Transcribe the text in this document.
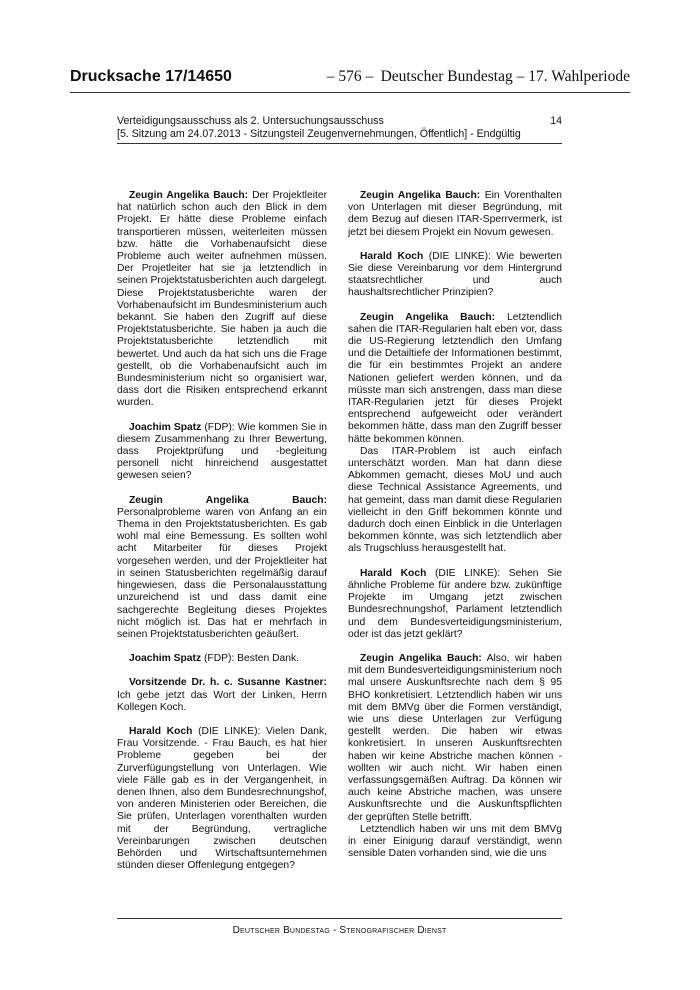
Drucksache 17/14650	– 576 – Deutscher Bundestag – 17. Wahlperiode
Verteidigungsausschuss als 2. Untersuchungsausschuss
[5. Sitzung am 24.07.2013 - Sitzungsteil Zeugenvernehmungen, Öffentlich] - Endgültig
14

Zeugin Angelika Bauch: Der Projektleiter hat natürlich schon auch den Blick in dem Projekt. Er hätte diese Probleme einfach transportieren müssen, weiterleiten müssen bzw. hätte die Vorhabenaufsicht diese Probleme auch weiter aufnehmen müssen. Der Projetleiter hat sie ja letztendlich in seinen Projektstatusberichten auch dargelegt. Diese Projektstatusberichte waren der Vorhabenaufsicht im Bundesministerium auch bekannt. Sie haben den Zugriff auf diese Projektstatusberichte. Sie haben ja auch die Projektstatusberichte letztendlich mit bewertet. Und auch da hat sich uns die Frage gestellt, ob die Vorhabenaufsicht auch im Bundesministerium nicht so organisiert war, dass dort die Risiken entsprechend erkannt wurden.

Joachim Spatz (FDP): Wie kommen Sie in diesem Zusammenhang zu Ihrer Bewertung, dass Projektprüfung und -begleitung personell nicht hinreichend ausgestattet gewesen seien?

Zeugin Angelika Bauch: Personalprobleme waren von Anfang an ein Thema in den Projektstatusberichten. Es gab wohl mal eine Bemessung. Es sollten wohl acht Mitarbeiter für dieses Projekt vorgesehen werden, und der Projektleiter hat in seinen Statusberichten regelmäßig darauf hingewiesen, dass die Personalausstattung unzureichend ist und dass damit eine sachgerechte Begleitung dieses Projektes nicht möglich ist. Das hat er mehrfach in seinen Projektstatusberichten geäußert.

Joachim Spatz (FDP): Besten Dank.

Vorsitzende Dr. h. c. Susanne Kastner: Ich gebe jetzt das Wort der Linken, Herrn Kollegen Koch.

Harald Koch (DIE LINKE): Vielen Dank, Frau Vorsitzende. - Frau Bauch, es hat hier Probleme gegeben bei der Zurverfügungstellung von Unterlagen. Wie viele Fälle gab es in der Vergangenheit, in denen Ihnen, also dem Bundesrechnungshof, von anderen Ministerien oder Bereichen, die Sie prüfen, Unterlagen vorenthalten wurden mit der Begründung, vertragliche Vereinbarungen zwischen deutschen Behörden und Wirtschaftsunternehmen stünden dieser Offenlegung entgegen?

Zeugin Angelika Bauch: Ein Vorenthalten von Unterlagen mit dieser Begründung, mit dem Bezug auf diesen ITAR-Sperrvermerk, ist jetzt bei diesem Projekt ein Novum gewesen.

Harald Koch (DIE LINKE): Wie bewerten Sie diese Vereinbarung vor dem Hintergrund staatsrechtlicher und auch haushaltsrechtlicher Prinzipien?

Zeugin Angelika Bauch: Letztendlich sahen die ITAR-Regularien halt eben vor, dass die US-Regierung letztendlich den Umfang und die Detailtiefe der Informationen bestimmt, die für ein bestimmtes Projekt an andere Nationen geliefert werden können, und da müsste man sich anstrengen, dass man diese ITAR-Regularien jetzt für dieses Projekt entsprechend aufgeweicht oder verändert bekommen hätte, dass man den Zugriff besser hätte bekommen können.

Das ITAR-Problem ist auch einfach unterschätzt worden. Man hat dann diese Abkommen gemacht, dieses MoU und auch diese Technical Assistance Agreements, und hat gemeint, dass man damit diese Regularien vielleicht in den Griff bekommen könnte und dadurch doch einen Einblick in die Unterlagen bekommen könnte, was sich letztendlich aber als Trugschluss herausgestellt hat.

Harald Koch (DIE LINKE): Sehen Sie ähnliche Probleme für andere bzw. zukünftige Projekte im Umgang jetzt zwischen Bundesrechnungshof, Parlament letztendlich und dem Bundesverteidigungsministerium, oder ist das jetzt geklärt?

Zeugin Angelika Bauch: Also, wir haben mit dem Bundesverteidigungsministerium noch mal unsere Auskunftsrechte nach dem § 95 BHO konkretisiert. Letztendlich haben wir uns mit dem BMVg über die Formen verständigt, wie uns diese Unterlagen zur Verfügung gestellt werden. Die haben wir etwas konkretisiert. In unseren Auskunftsrechten haben wir keine Abstriche machen können - wollten wir auch nicht. Wir haben einen verfassungsgemäßen Auftrag. Da können wir auch keine Abstriche machen, was unsere Auskunftsrechte und die Auskunftspflichten der geprüften Stelle betrifft.

Letztendlich haben wir uns mit dem BMVg in einer Einigung darauf verständigt, wenn sensible Daten vorhanden sind, wie die uns

Deutscher Bundestag - Stenografischer Dienst
